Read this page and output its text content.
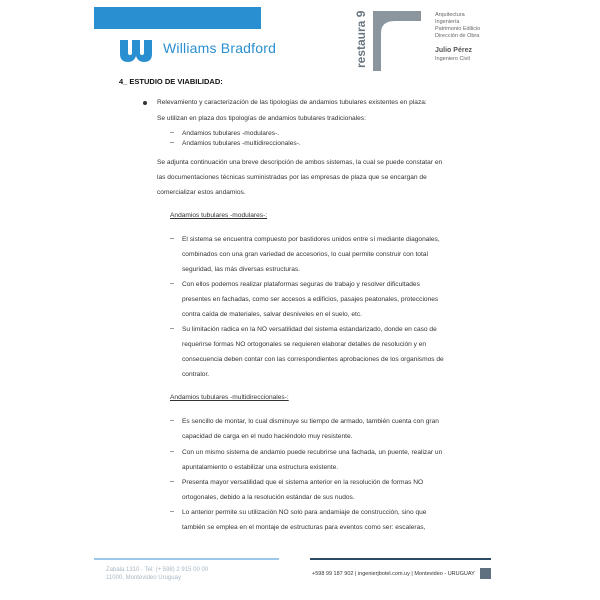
Williams Bradford	restaura 9	Arquitectura
Ingeniería
Patrimonio Edilicio
Dirección de Obra
Julio Pérez
Ingeniero Civil
4_ ESTUDIO DE VIABILIDAD:
Relevamiento y caracterización de las tipologías de andamios tubulares existentes en plaza:
Se utilizan en plaza dos tipologías de andamios tubulares tradicionales:
– Andamios tubulares -modulares-.
– Andamios tubulares -multidireccionales-.
Se adjunta continuación una breve descripción de ambos sistemas, la cual se puede constatar en
las documentaciones técnicas suministradas por las empresas de plaza que se encargan de
comercializar estos andamios.
Andamios tubulares -modulares-:
– El sistema se encuentra compuesto por bastidores unidos entre sí mediante diagonales,
combinados con una gran variedad de accesorios, lo cual permite construir con total
seguridad, las más diversas estructuras.
– Con ellos podemos realizar plataformas seguras de trabajo y resolver dificultades
presentes en fachadas, como ser accesos a edificios, pasajes peatonales, protecciones
contra caída de materiales, salvar desniveles en el suelo, etc.
– Su limitación radica en la NO versatilidad del sistema estandarizado, donde en caso de
requerirse formas NO ortogonales se requieren elaborar detalles de resolución y en
consecuencia deben contar con las correspondientes aprobaciones de los organismos de
contralor.
Andamios tubulares -multidireccionales-:
– Es sencillo de montar, lo cual disminuye su tiempo de armado, también cuenta con gran
capacidad de carga en el nudo haciéndolo muy resistente.
– Con un mismo sistema de andamio puede recubrirse una fachada, un puente, realizar un
apuntalamiento o estabilizar una estructura existente.
– Presenta mayor versatilidad que el sistema anterior en la resolución de formas NO
ortogonales, debido a la resolución estándar de sus nudos.
– Lo anterior permite su utilización NO solo para andamiaje de construcción, sino que
también se emplea en el montaje de estructuras para eventos como ser: escaleras,
Zabala 1310 · Tel: (+ 598) 2 915 00 00
11000, Montevideo Uruguay
+598 99 187 902 | ingenierjbotel.com.uy | Montevideo - URUGUAY
